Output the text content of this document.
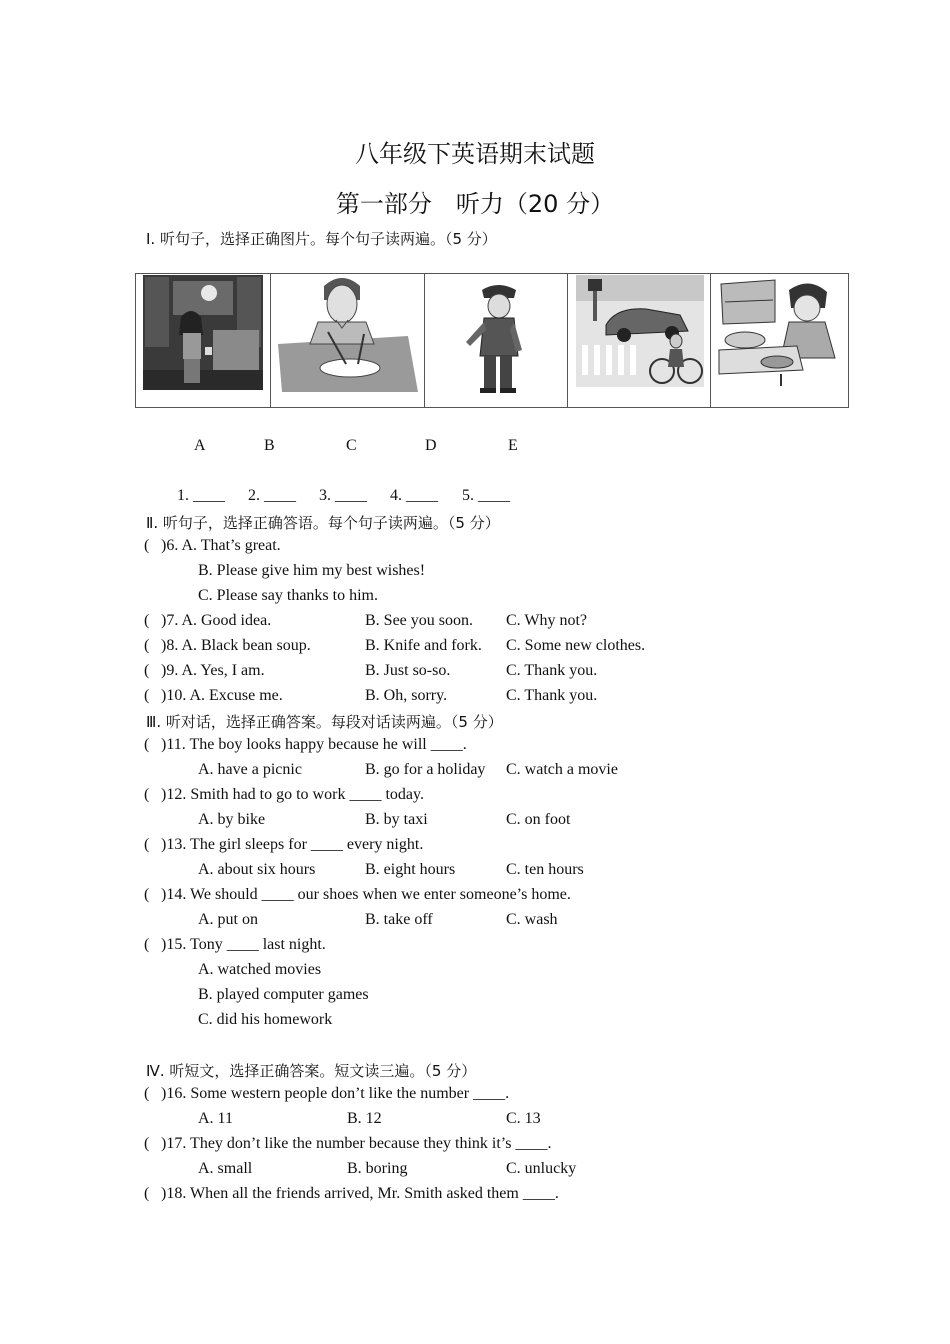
八年级下英语期末试题
第一部分　听力（20 分）
Ⅰ. 听句子，选择正确图片。每个句子读两遍。（5 分）
A	B	C	D	E
1. ____ 2. ____ 3. ____ 4. ____ 5. ____
Ⅱ. 听句子，选择正确答语。每个句子读两遍。（5 分）
( )6. A. That’s great.
B. Please give him my best wishes!
C. Please say thanks to him.
( )7. A. Good idea.	B. See you soon. C. Why not?
( )8. A. Black bean soup.	B. Knife and fork. C. Some new clothes.
( )9. A. Yes, I am.	B. Just so-so.	C. Thank you.
( )10. A. Excuse me.	B. Oh, sorry.	C. Thank you.
Ⅲ. 听对话，选择正确答案。每段对话读两遍。（5 分）
( )11. The boy looks happy because he will ____.
A. have a picnic	B. go for a holiday C. watch a movie
( )12. Smith had to go to work ____ today.
A. by bike	B. by taxi	C. on foot
( )13. The girl sleeps for ____ every night.
A. about six hours	B. eight hours	C. ten hours
( )14. We should ____ our shoes when we enter someone’s home.
A. put on	B. take off	C. wash
( )15. Tony ____ last night.
A. watched movies
B. played computer games
C. did his homework
Ⅳ. 听短文，选择正确答案。短文读三遍。（5 分）
( )16. Some western people don’t like the number ____.
A. 11	B. 12	C. 13
( )17. They don’t like the number because they think it’s ____.
A. small	B. boring	C. unlucky
( )18. When all the friends arrived, Mr. Smith asked them ____.
